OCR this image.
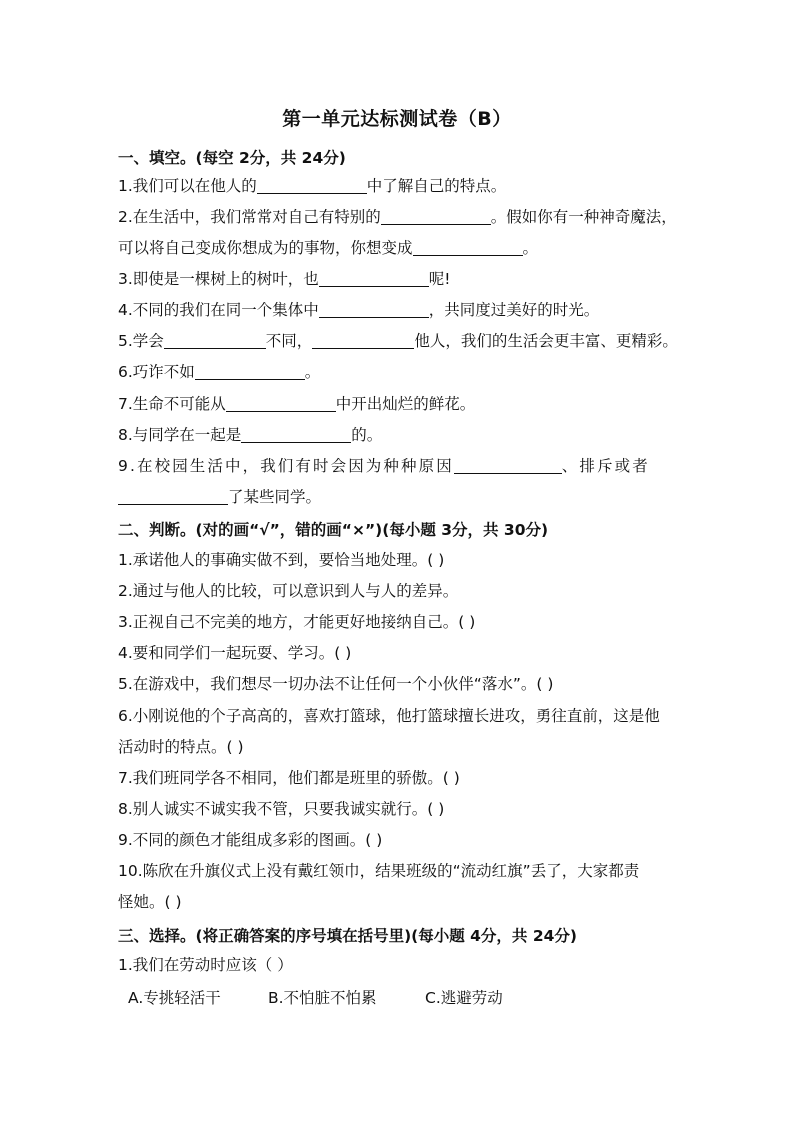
第一单元达标测试卷（B）
一、填空。(每空 2分，共 24分)
1.我们可以在他人的	中了解自己的特点。
2.在生活中，我们常常对自己有特别的	。假如你有一种神奇魔法，
可以将自己变成你想成为的事物，你想变成	。
3.即使是一棵树上的树叶，也	呢!
4.不同的我们在同一个集体中	，共同度过美好的时光。
5.学会	不同，	他人，我们的生活会更丰富、更精彩。
6.巧诈不如	。
7.生命不可能从	中开出灿烂的鲜花。
8.与同学在一起是	的。
9.在校园生活中，我们有时会因为种种原因	、排斥或者
了某些同学。
二、判断。(对的画“√”，错的画“×”)(每小题 3分，共 30分)
1.承诺他人的事确实做不到，要恰当地处理。( )
2.通过与他人的比较，可以意识到人与人的差异。
3.正视自己不完美的地方，才能更好地接纳自己。( )
4.要和同学们一起玩耍、学习。( )
5.在游戏中，我们想尽一切办法不让任何一个小伙伴“落水”。( )
6.小刚说他的个子高高的，喜欢打篮球，他打篮球擅长进攻，勇往直前，这是他
活动时的特点。( )
7.我们班同学各不相同，他们都是班里的骄傲。( )
8.别人诚实不诚实我不管，只要我诚实就行。( )
9.不同的颜色才能组成多彩的图画。( )
10.陈欣在升旗仪式上没有戴红领巾，结果班级的“流动红旗”丢了，大家都责
怪她。( )
三、选择。(将正确答案的序号填在括号里)(每小题 4分，共 24分)
1.我们在劳动时应该（ ）
A.专挑轻活干	B.不怕脏不怕累	C.逃避劳动
